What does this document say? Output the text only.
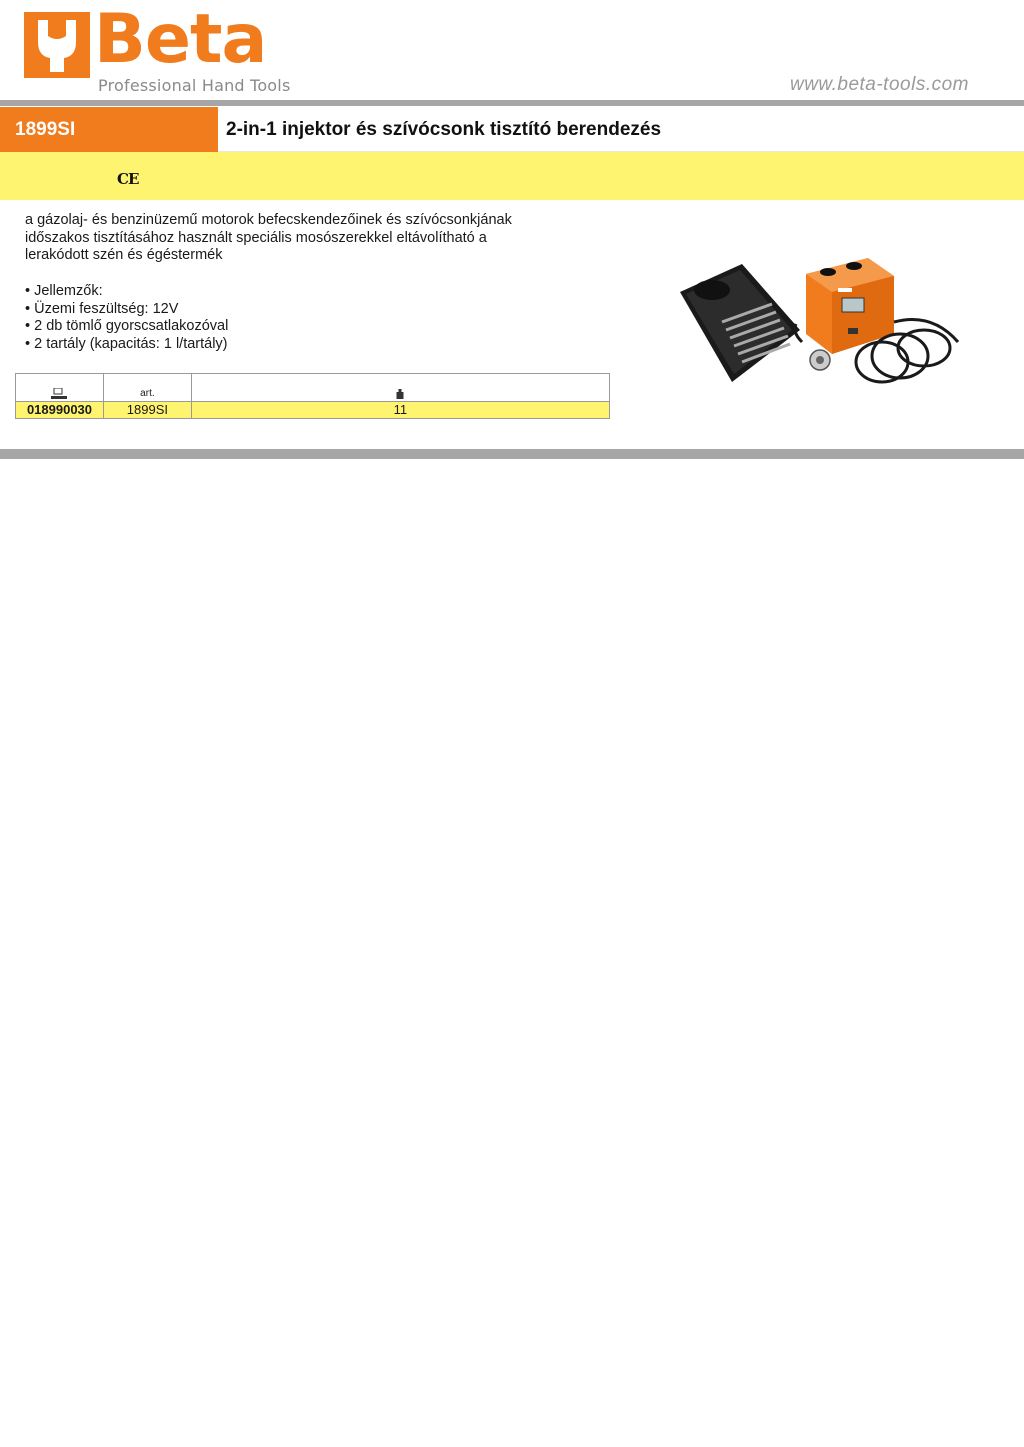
Beta
Professional Hand Tools	www.beta-tools.com
1899SI	2-in-1 injektor és szívócsonk tisztító berendezés
CE

a gázolaj- és benzinüzemű motorok befecskendezőinek és szívócsonkjának

időszakos tisztításához használt speciális mosószerekkel eltávolítható a

lerakódott szén és égéstermék

• Jellemzők:
• Üzemi feszültség: 12V
• 2 db tömlő gyorscsatlakozóval
• 2 tartály (kapacitás: 1 l/tartály)
	art.	
018990030	1899SI	11
